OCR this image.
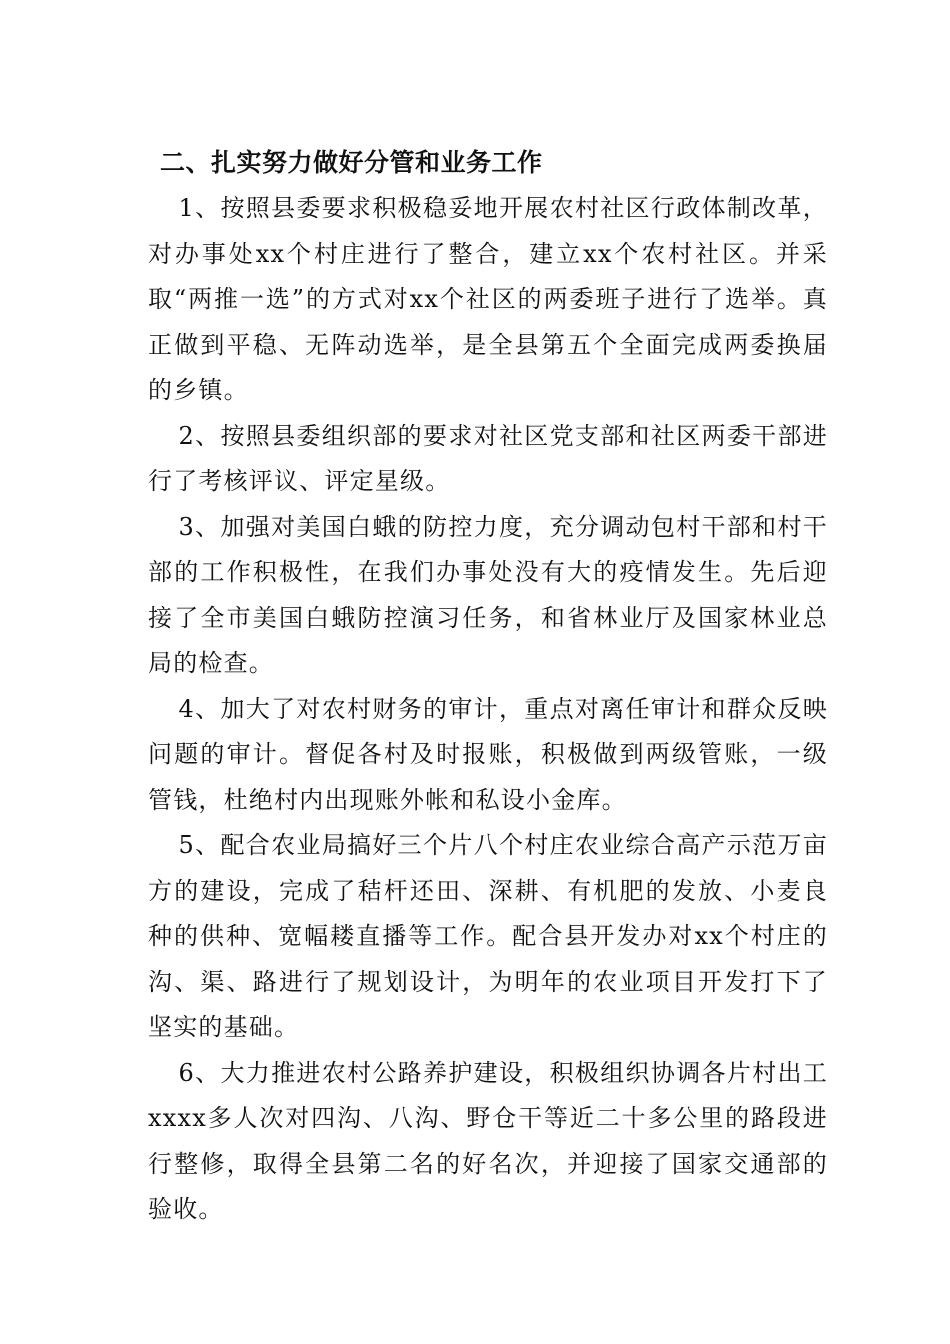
二、扎实努力做好分管和业务工作

1、按照县委要求积极稳妥地开展农村社区行政体制改革，对办事处xx个村庄进行了整合，建立xx个农村社区。并采取“两推一选”的方式对xx个社区的两委班子进行了选举。真正做到平稳、无阵动选举，是全县第五个全面完成两委换届的乡镇。

2、按照县委组织部的要求对社区党支部和社区两委干部进行了考核评议、评定星级。

3、加强对美国白蛾的防控力度，充分调动包村干部和村干部的工作积极性，在我们办事处没有大的疫情发生。先后迎接了全市美国白蛾防控演习任务，和省林业厅及国家林业总局的检查。

4、加大了对农村财务的审计，重点对离任审计和群众反映问题的审计。督促各村及时报账，积极做到两级管账，一级管钱，杜绝村内出现账外帐和私设小金库。

5、配合农业局搞好三个片八个村庄农业综合高产示范万亩方的建设，完成了秸杆还田、深耕、有机肥的发放、小麦良种的供种、宽幅耧直播等工作。配合县开发办对xx个村庄的沟、渠、路进行了规划设计，为明年的农业项目开发打下了坚实的基础。

6、大力推进农村公路养护建设，积极组织协调各片村出工xxxx多人次对四沟、八沟、野仓干等近二十多公里的路段进行整修，取得全县第二名的好名次，并迎接了国家交通部的验收。
